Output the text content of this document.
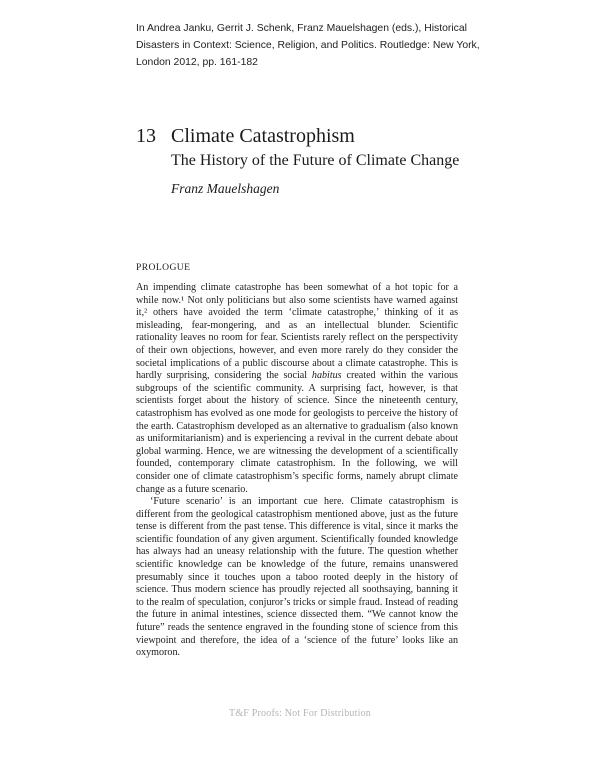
In Andrea Janku, Gerrit J. Schenk, Franz Mauelshagen (eds.), Historical Disasters in Context: Science, Religion, and Politics. Routledge: New York, London 2012, pp. 161-182
13 Climate Catastrophism
The History of the Future of Climate Change
Franz Mauelshagen
PROLOGUE

An impending climate catastrophe has been somewhat of a hot topic for a while now.¹ Not only politicians but also some scientists have warned against it,² others have avoided the term ‘climate catastrophe,’ thinking of it as misleading, fear-mongering, and as an intellectual blunder. Scientific rationality leaves no room for fear. Scientists rarely reflect on the perspectivity of their own objections, however, and even more rarely do they consider the societal implications of a public discourse about a climate catastrophe. This is hardly surprising, considering the social habitus created within the various subgroups of the scientific community. A surprising fact, however, is that scientists forget about the history of science. Since the nineteenth century, catastrophism has evolved as one mode for geologists to perceive the history of the earth. Catastrophism developed as an alternative to gradualism (also known as uniformitarianism) and is experiencing a revival in the current debate about global warming. Hence, we are witnessing the development of a scientifically founded, contemporary climate catastrophism. In the following, we will consider one of climate catastrophism’s specific forms, namely abrupt climate change as a future scenario.

‘Future scenario’ is an important cue here. Climate catastrophism is different from the geological catastrophism mentioned above, just as the future tense is different from the past tense. This difference is vital, since it marks the scientific foundation of any given argument. Scientifically founded knowledge has always had an uneasy relationship with the future. The question whether scientific knowledge can be knowledge of the future, remains unanswered presumably since it touches upon a taboo rooted deeply in the history of science. Thus modern science has proudly rejected all soothsaying, banning it to the realm of speculation, conjuror’s tricks or simple fraud. Instead of reading the future in animal intestines, science dissected them. “We cannot know the future” reads the sentence engraved in the founding stone of science from this viewpoint and therefore, the idea of a ‘science of the future’ looks like an oxymoron.

T&F Proofs: Not For Distribution
